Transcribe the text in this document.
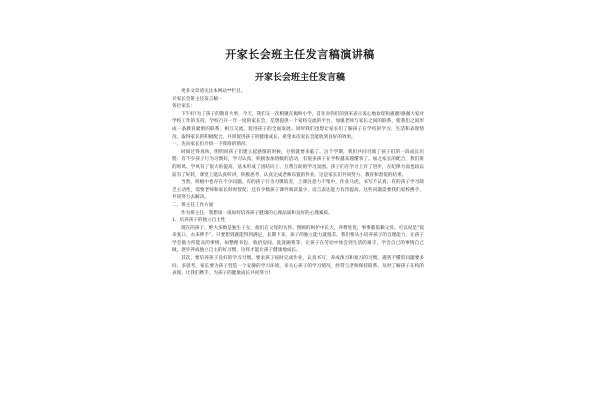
开家长会班主任发言稿演讲稿
开家长会班主任发言稿

更多文章请关注本网站**栏目。

开家长会班主任发言稿一

各位家长：

下午好!为了孩子的教育大事，今天，我们又一次相聚在揭岭小学，首先对你们的到来表示衷心地欢迎和感谢!感谢大家对学校工作的支持。学校召开一年一度的家长会，是想提供一个家校交流的平台，加强老师与家长之间的联系，使我们之间形成一条教育紧密的联系，相互交流，促进孩子的全面发展。同时我们也想让家长们了解孩子在学校的学习、生活和表现情况，取得家长的积极配合，共同促进孩子的健康成长。希望本次家长会能收到良好的效果。

一、先向家长们介绍一下我班的情况：

时间过得真快，明明同孩子们建立起感情的时候，分别就要来临了。这个学期，我们共同目睹了孩子们的一段成长历程：有不少孩子行为习惯好，学习认真，积极参加班级的活动，有很多孩子在学校越来越懂事了。加之家长的配合，我们班的班风、学风有了很大的提高，基本形成了团结向上、互帮互助的学习氛围。孩子们在学习上有了进步，在纪律方面也较以前有了好转，课堂上能认真听讲，积极思考，认真完成老师布置的作业。这是家长们共同努力、教育和督促的结果。

当然，班级中也存在不少问题。有的孩子行为习惯较差，上课注意力不集中，作业马虎，书写不认真；有的孩子学习缺乏主动性，需要老师和家长时时督促；还有少数孩子课外阅读量少，语言表达能力有待提高。这些问题需要我们家校携手，共同努力去解决。

二、班主任工作方面

作为班主任，我想谈一谈如何培养孩子健康的心理品质和良好的心理素质。

1、培养孩子的独立自主性

现在的孩子，绝大多数是独生子女，他们在父母的关怀、照顾的呵护中长大，养尊处优，事事都依赖父母。可以说是“饭来张口，衣来伸手”，只要想到就能得到满足，长期下来，孩子的独立能力就很差。我们要从小培养孩子的自理能力，让孩子学会做力所能及的事情，如整理书包、收拾房间、洗洗碗筷等，让孩子在劳动中体会到生活的艰辛，学会自己的事情自己做，逐步养成独立自主的好习惯，这样才能让孩子健康地成长。

其次，要培养孩子良好的学习习惯。要求孩子按时完成作业，认真书写，养成预习和复习的习惯，遇到不懂的问题要多问、多思考。家长要为孩子营造一个安静的学习环境，多关心孩子的学习情况，经常与老师保持联系，及时了解孩子在校的表现。让我们携手，为孩子的健康成长共同努力!
